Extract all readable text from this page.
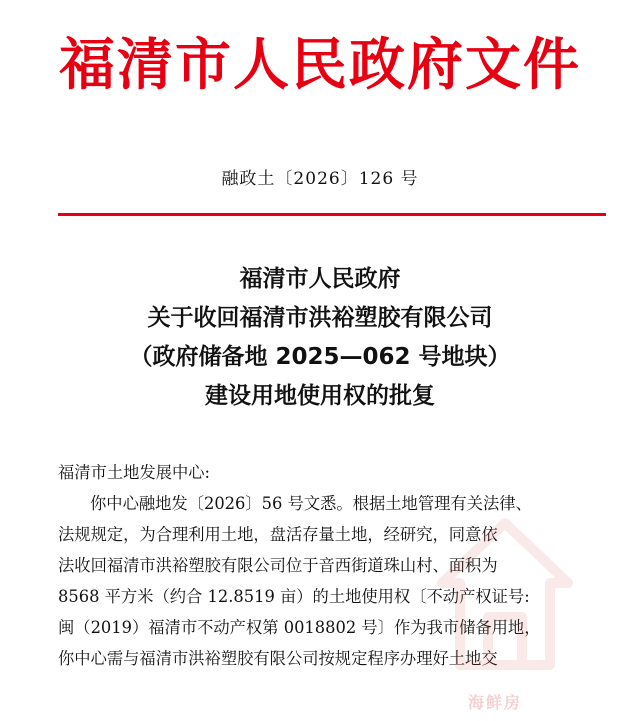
福清市人民政府文件
融政土〔2026〕126 号
福清市人民政府
关于收回福清市洪裕塑胶有限公司
（政府储备地 2025—062 号地块）
建设用地使用权的批复
福清市土地发展中心:
你中心融地发〔2026〕56 号文悉。根据土地管理有关法律、
法规规定，为合理利用土地，盘活存量土地，经研究，同意依
法收回福清市洪裕塑胶有限公司位于音西街道珠山村、面积为
8568 平方米（约合 12.8519 亩）的土地使用权〔不动产权证号:
闽（2019）福清市不动产权第 0018802 号〕作为我市储备用地，
你中心需与福清市洪裕塑胶有限公司按规定程序办理好土地交
海鲜房
